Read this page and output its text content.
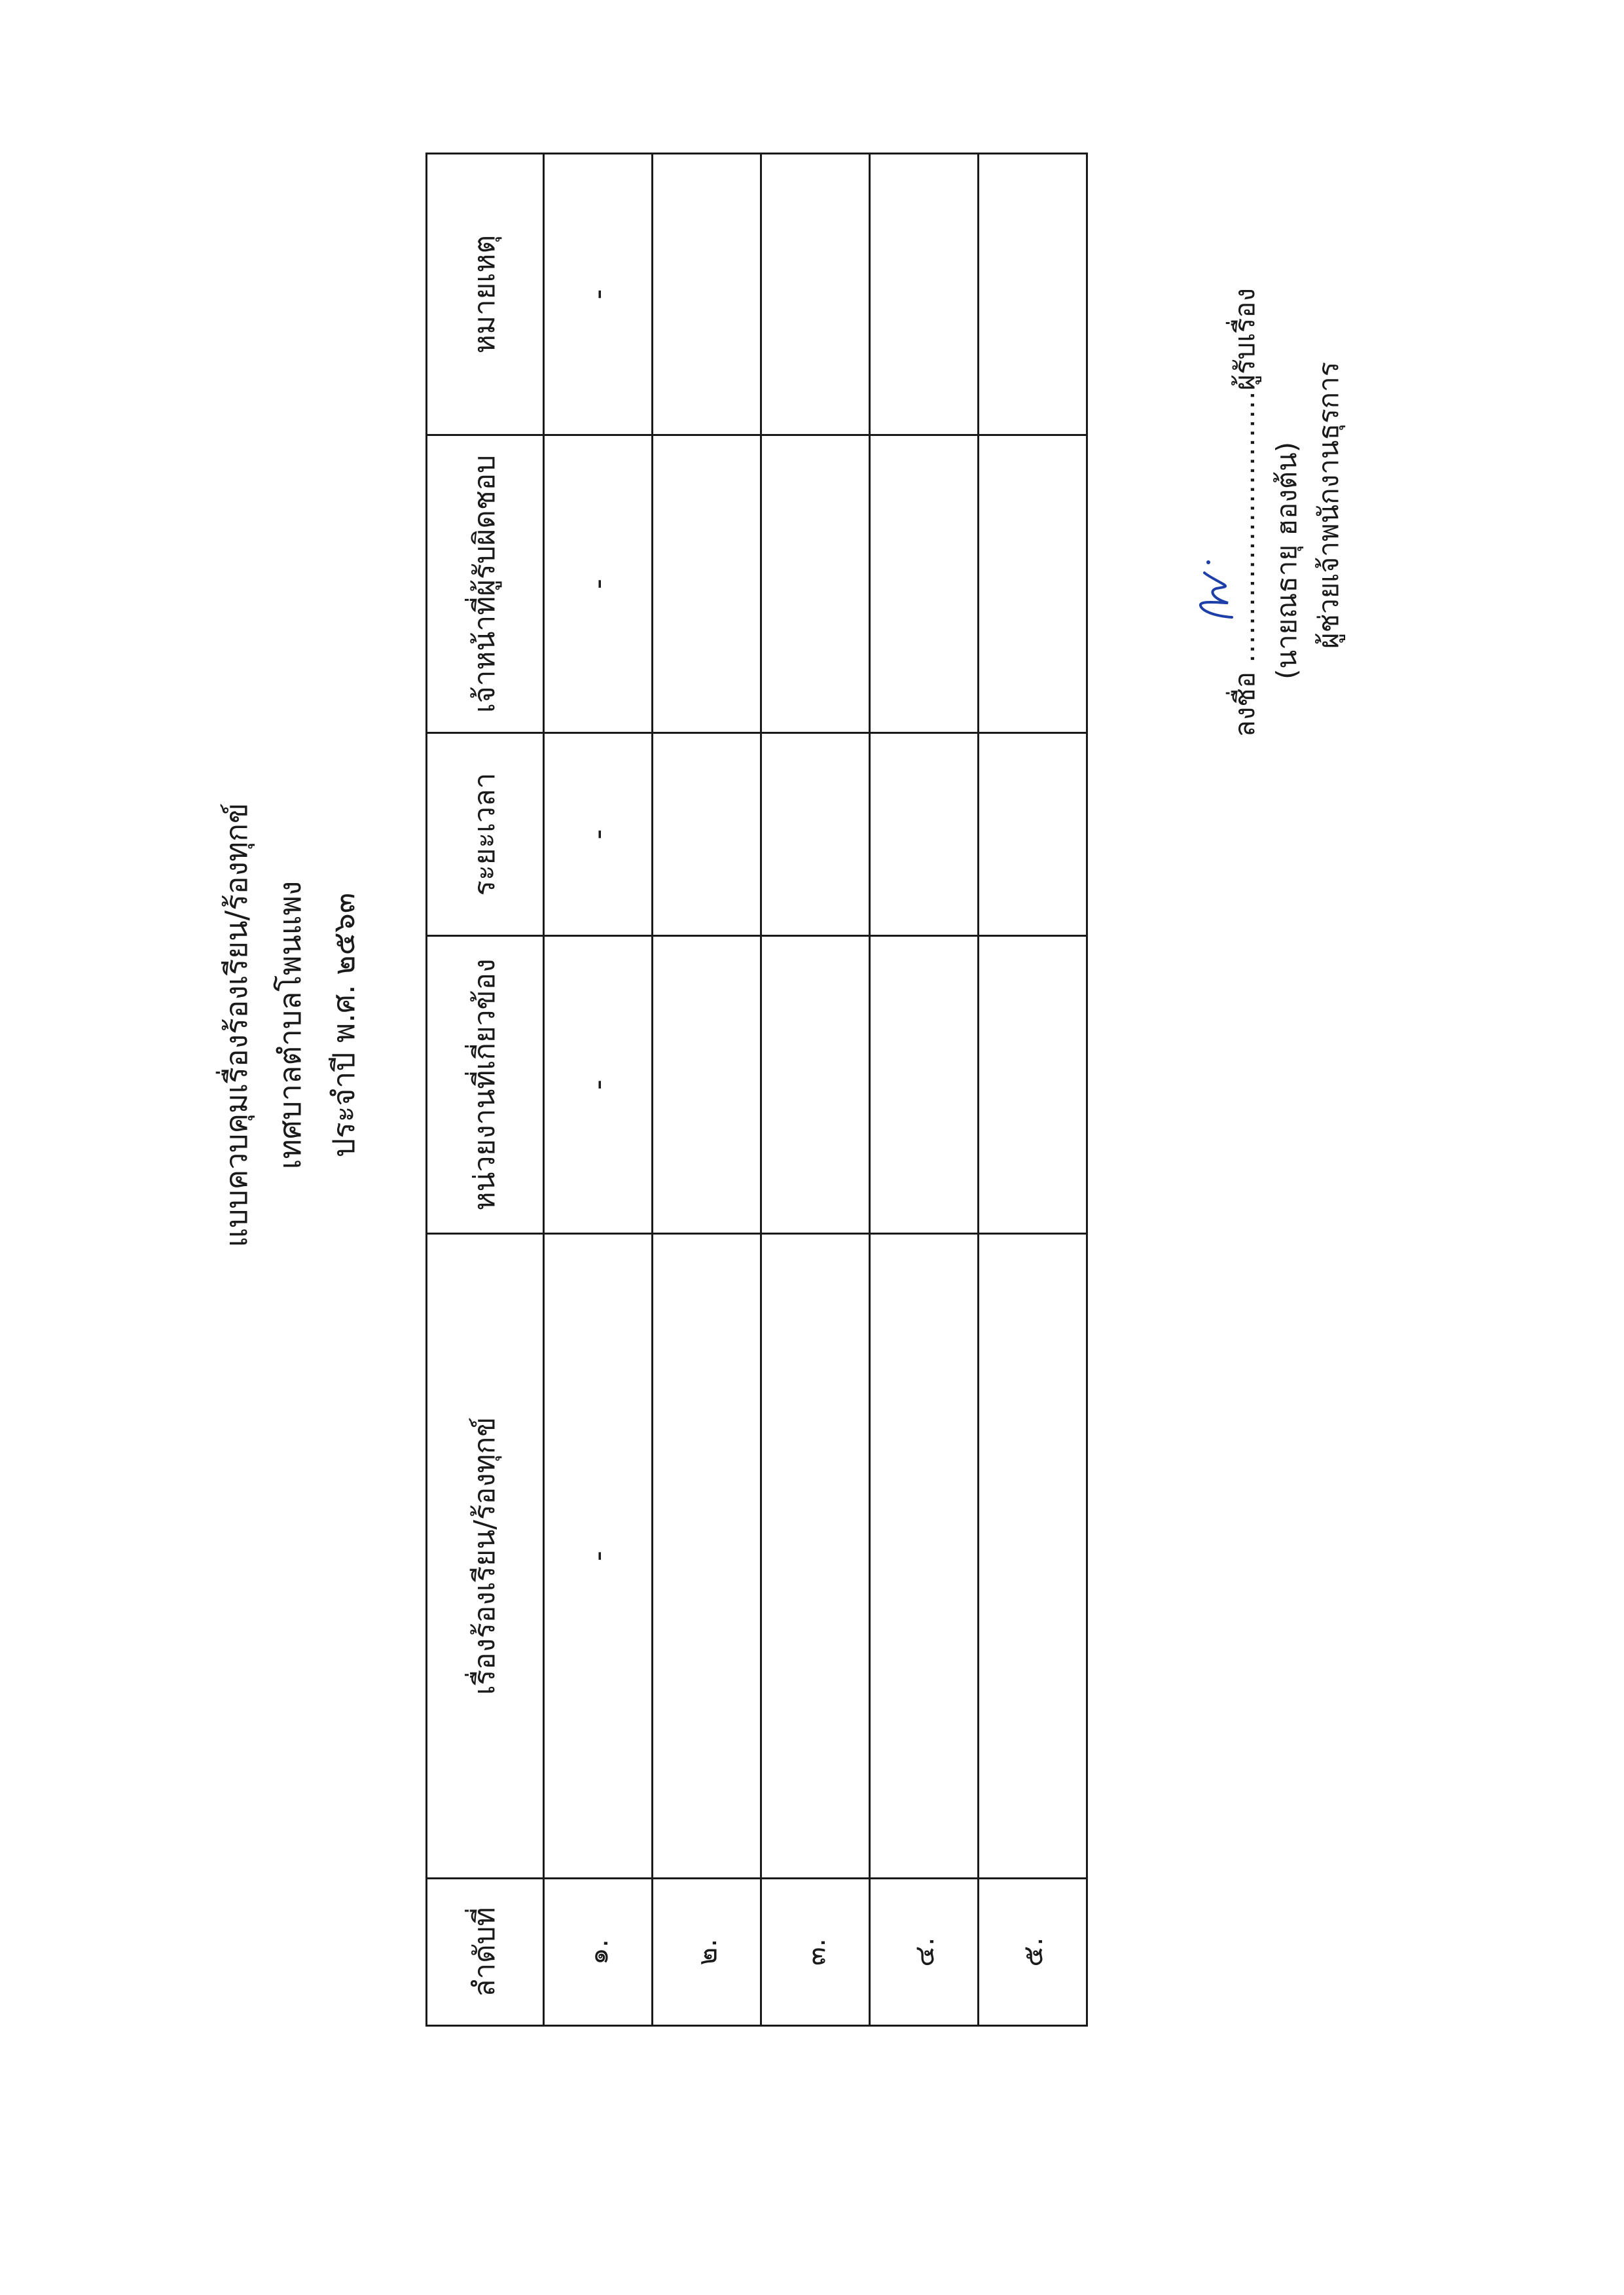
แบบควบคุมเรื่องร้องเรียน/ร้องทุกข์ เทศบาลตำบลโพนแพง ประจำปี พ.ศ. ๒๕๖๓
ลำดับที่	เรื่องร้องเรียน/ร้องทุกข์	หน่วยงานที่เกี่ยวข้อง	ระยะเวลา	เจ้าหน้าที่ผู้รับผิดชอบ	หมายเหตุ
๑.	-	-	-	-	-
๒.					
๓.					
๔.					
๕.					
ลงชื่อ .............................ผู้รับเรื่อง
(นายณธายุ ฮองต้น) ผู้ช่วยเจ้าพนักงานธุรการ
